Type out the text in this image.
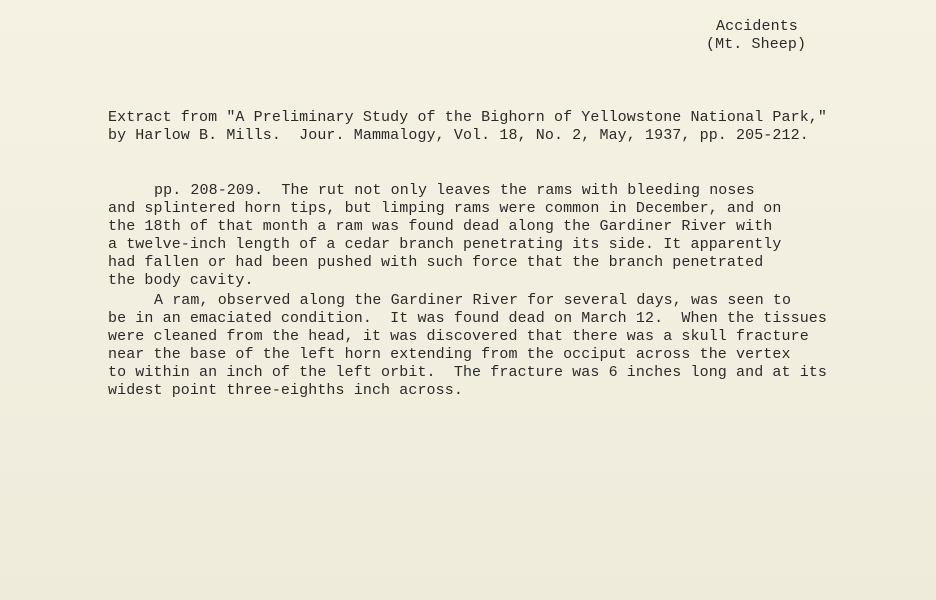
Accidents
(Mt. Sheep)
Extract from "A Preliminary Study of the Bighorn of Yellowstone National Park,"
by Harlow B. Mills.  Jour. Mammalogy, Vol. 18, No. 2, May, 1937, pp. 205-212.
pp. 208-209.  The rut not only leaves the rams with bleeding noses
and splintered horn tips, but limping rams were common in December, and on
the 18th of that month a ram was found dead along the Gardiner River with
a twelve-inch length of a cedar branch penetrating its side. It apparently
had fallen or had been pushed with such force that the branch penetrated
the body cavity.
A ram, observed along the Gardiner River for several days, was seen to
be in an emaciated condition.  It was found dead on March 12.  When the tissues
were cleaned from the head, it was discovered that there was a skull fracture
near the base of the left horn extending from the occiput across the vertex
to within an inch of the left orbit.  The fracture was 6 inches long and at its
widest point three-eighths inch across.
